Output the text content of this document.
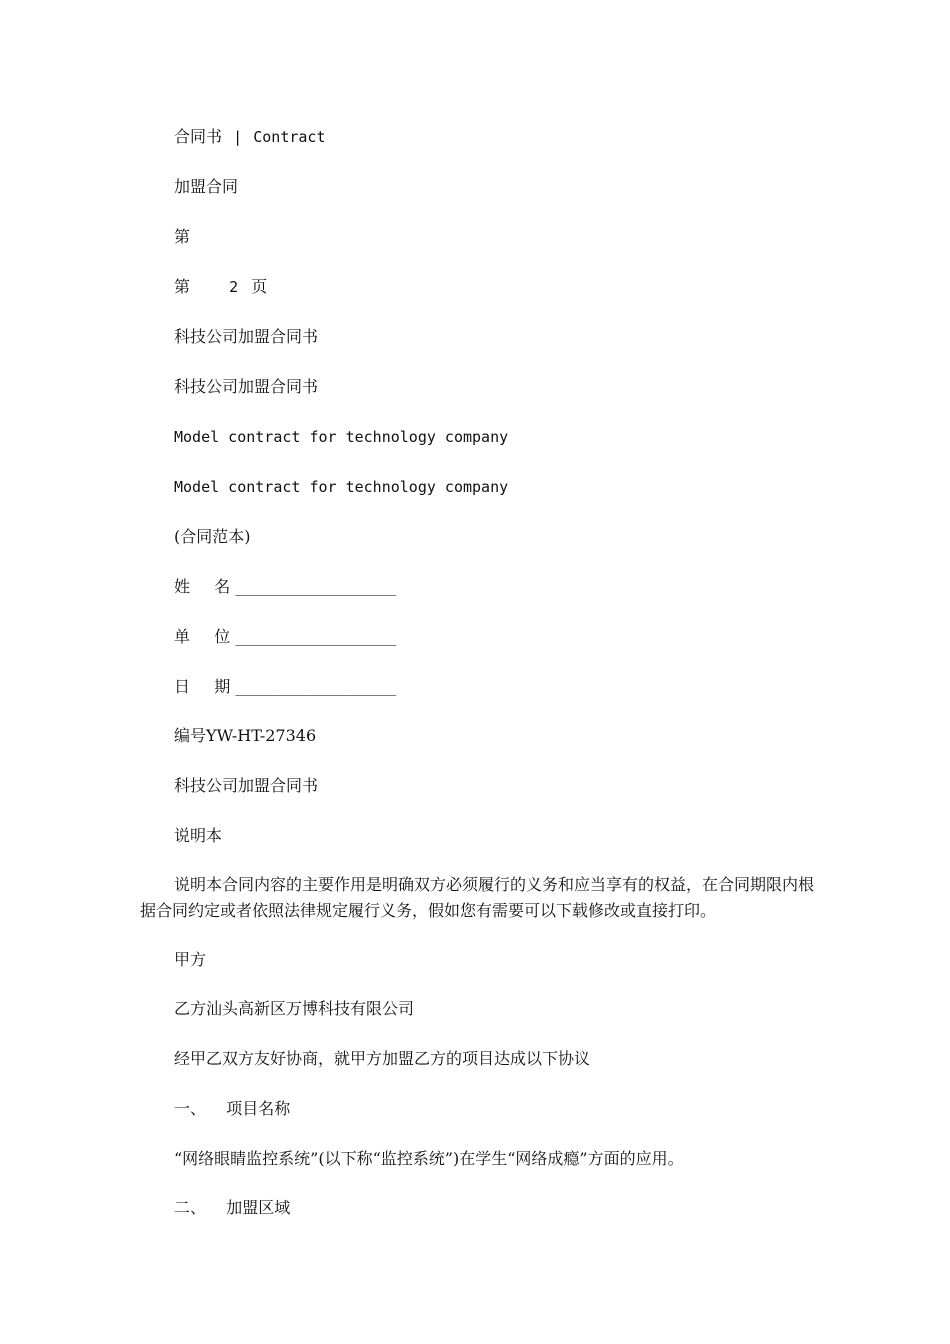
合同书 | Contract
加盟合同
第
第	2 页
科技公司加盟合同书
科技公司加盟合同书
Model contract for technology company
Model contract for technology company
(合同范本)
姓 名 ____________________
单 位 ____________________
日 期 ____________________
编号YW-HT-27346
科技公司加盟合同书
说明本
说明本合同内容的主要作用是明确双方必须履行的义务和应当享有的权益，在合同期限内根据合同约定或者依照法律规定履行义务，假如您有需要可以下载修改或直接打印。
甲方
乙方汕头高新区万博科技有限公司
经甲乙双方友好协商，就甲方加盟乙方的项目达成以下协议
一、 项目名称
“网络眼睛监控系统”(以下称“监控系统”)在学生“网络成瘾”方面的应用。
二、 加盟区域
